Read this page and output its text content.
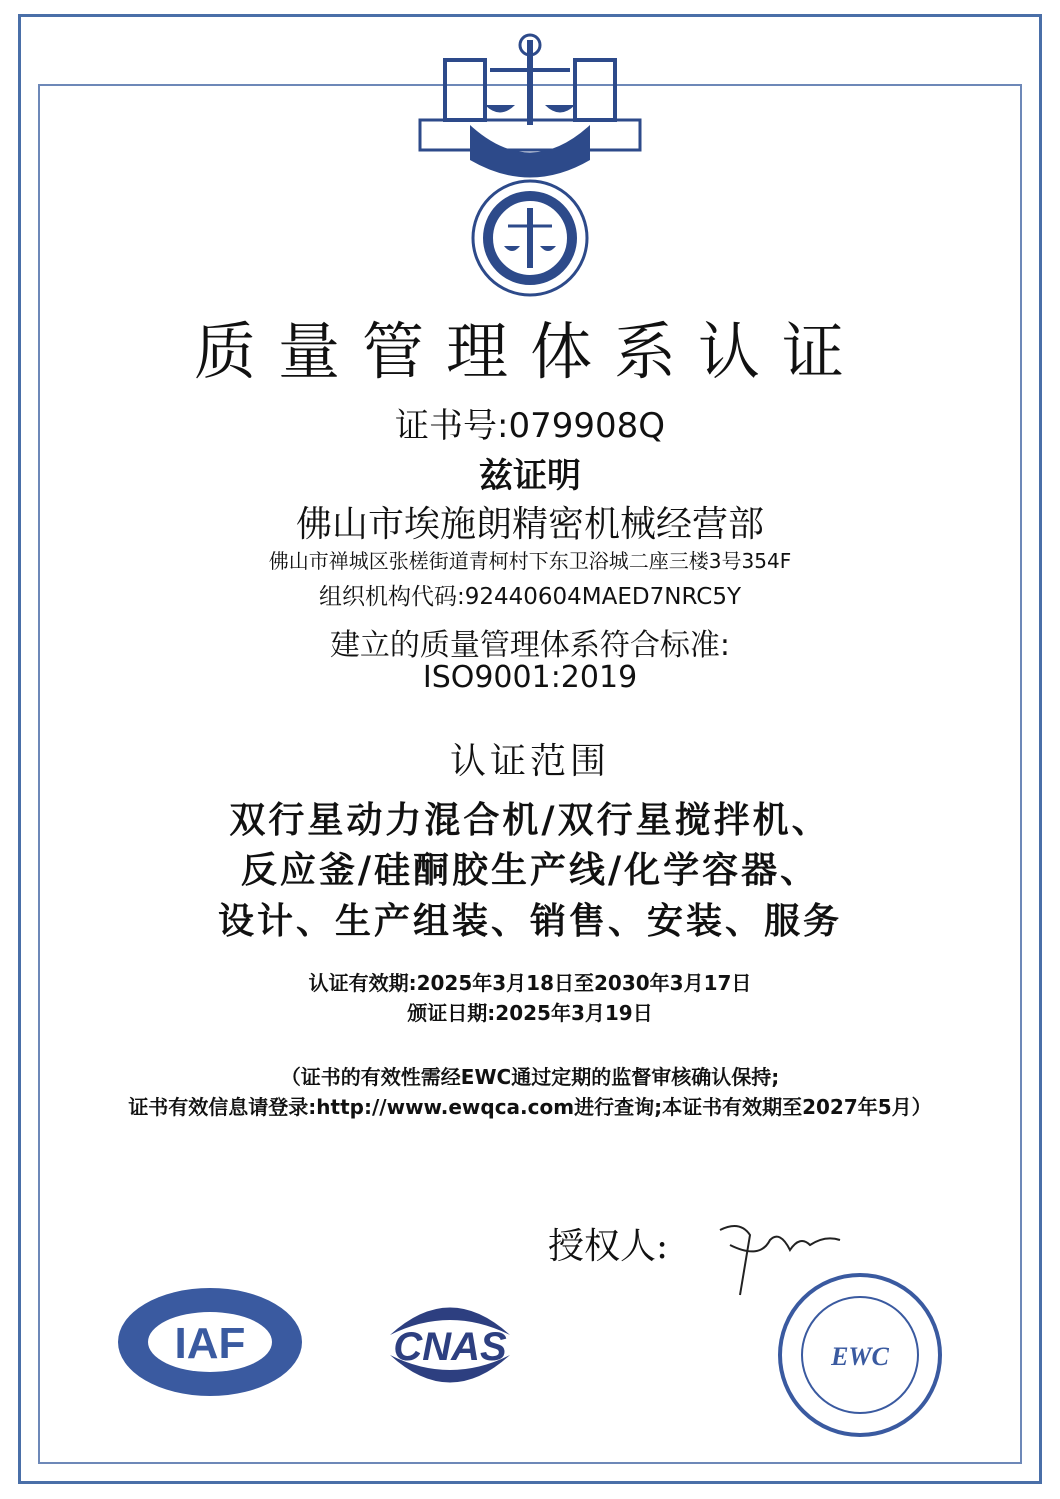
质量管理体系认证
证书号:079908Q
兹证明
佛山市埃施朗精密机械经营部
佛山市禅城区张槎街道青柯村下东卫浴城二座三楼3号354F
组织机构代码:92440604MAED7NRC5Y
建立的质量管理体系符合标准:
ISO9001:2019
认证范围
双行星动力混合机/双行星搅拌机、
反应釜/硅酮胶生产线/化学容器、
设计、生产组装、销售、安装、服务
认证有效期:2025年3月18日至2030年3月17日
颁证日期:2025年3月19日
（证书的有效性需经EWC通过定期的监督审核确认保持;
证书有效信息请登录:http://www.ewqca.com进行查询;本证书有效期至2027年5月）
授权人:
IAF	CNAS	EWC
